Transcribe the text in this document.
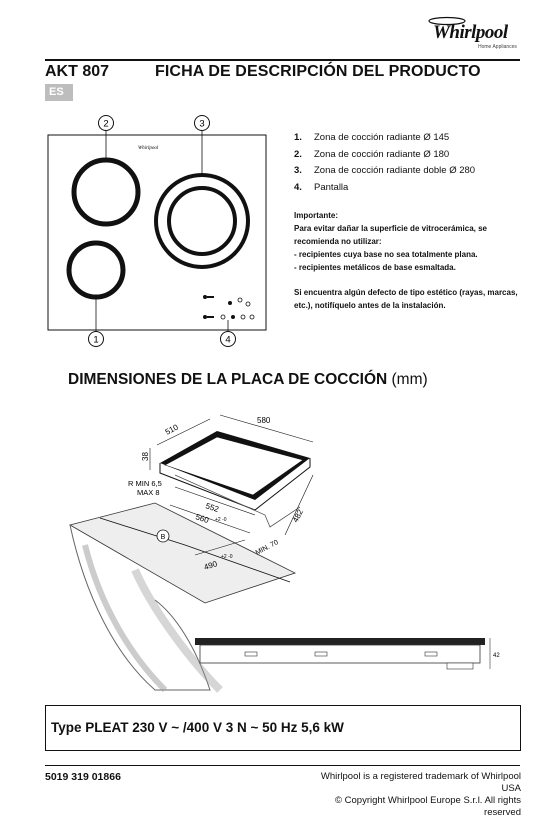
Whirlpool
Home Appliances
AKT 807	FICHA DE DESCRIPCIÓN DEL PRODUCTO
ES
Whirlpool
2	3
1	4
1. Zona de cocción radiante Ø 145
2. Zona de cocción radiante Ø 180
3. Zona de cocción radiante doble Ø 280
4. Pantalla

Importante:

Para evitar dañar la superficie de vitrocerámica, se recomienda no utilizar:

- recipientes cuya base no sea totalmente plana.

- recipientes metálicos de base esmaltada.

Si encuentra algún defecto de tipo estético (rayas, marcas, etc.), notifíquelo antes de la instalación.
DIMENSIONES DE LA PLACA DE COCCIÓN (mm)
510
580
38
R MIN 6,5
MAX 8
552
560 +2 -0	482
B
490
+2 -0
MIN. 70
42
Type PLEAT 230 V ~ /400 V 3 N ~ 50 Hz 5,6 kW
5019 319 01866	Whirlpool is a registered trademark of Whirlpool USA
© Copyright Whirlpool Europe S.r.l. All rights reserved
